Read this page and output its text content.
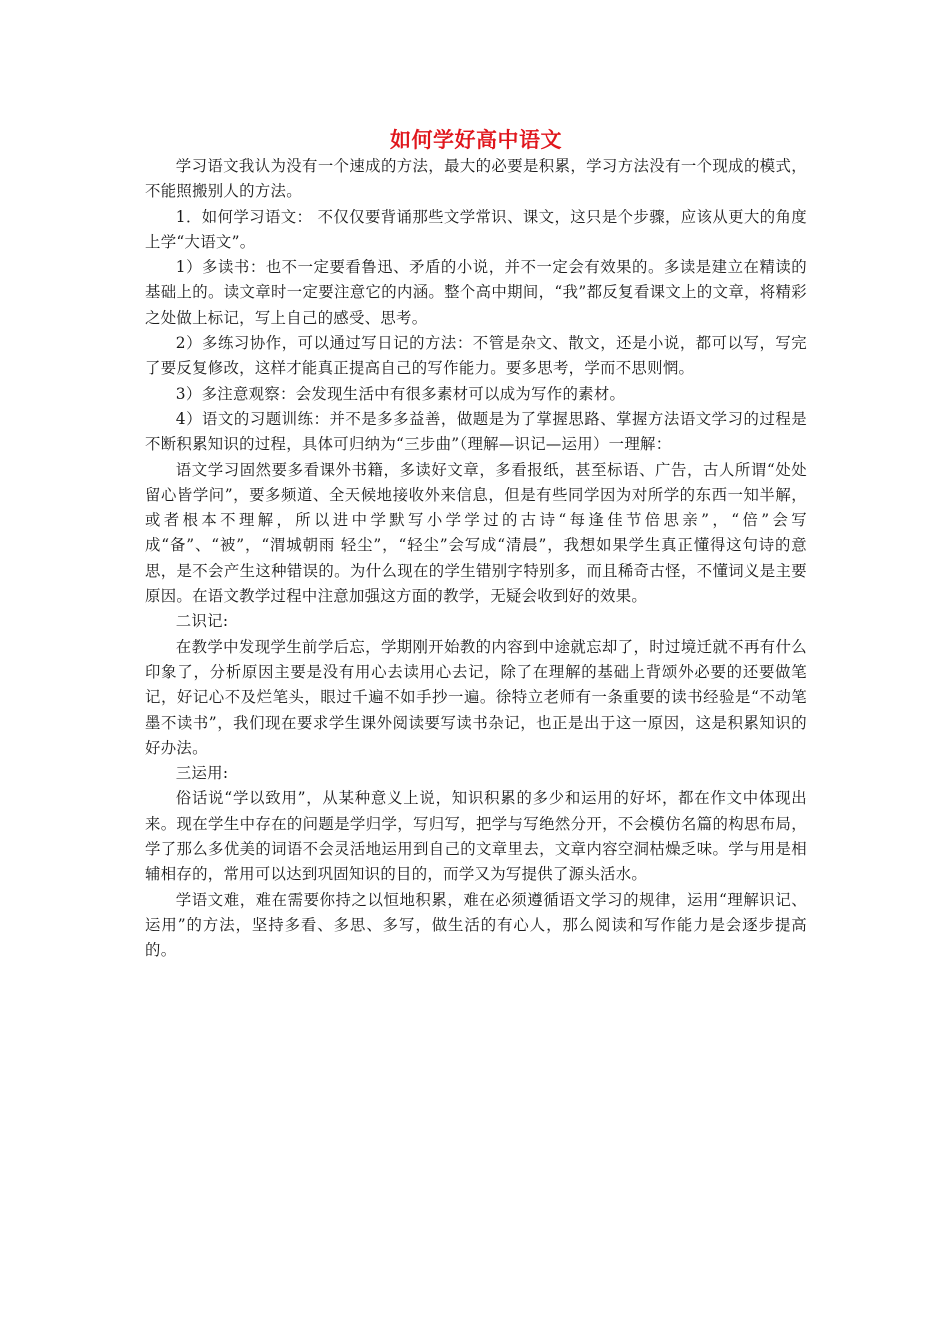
如何学好高中语文

学习语文我认为没有一个速成的方法，最大的必要是积累，学习方法没有一个现成的模式，不能照搬别人的方法。

1．如何学习语文： 不仅仅要背诵那些文学常识、课文，这只是个步骤，应该从更大的角度上学“大语文”。

1）多读书：也不一定要看鲁迅、矛盾的小说，并不一定会有效果的。多读是建立在精读的基础上的。读文章时一定要注意它的内涵。整个高中期间，“我”都反复看课文上的文章，将精彩之处做上标记，写上自己的感受、思考。

2）多练习协作，可以通过写日记的方法：不管是杂文、散文，还是小说，都可以写，写完了要反复修改，这样才能真正提高自己的写作能力。要多思考，学而不思则惘。

3）多注意观察：会发现生活中有很多素材可以成为写作的素材。

4）语文的习题训练：并不是多多益善，做题是为了掌握思路、掌握方法语文学习的过程是不断积累知识的过程，具体可归纳为“三步曲”（理解—识记—运用）一理解：

语文学习固然要多看课外书籍，多读好文章，多看报纸，甚至标语、广告，古人所谓“处处留心皆学问”，要多频道、全天候地接收外来信息，但是有些同学因为对所学的东西一知半解，或者根本不理解，所以进中学默写小学学过的古诗“每逢佳节倍思亲”，“倍”会写成“备”、“被”，“渭城朝雨 轻尘”，“轻尘”会写成“清晨”，我想如果学生真正懂得这句诗的意思，是不会产生这种错误的。为什么现在的学生错别字特别多，而且稀奇古怪，不懂词义是主要原因。在语文教学过程中注意加强这方面的教学，无疑会收到好的效果。

二识记:

在教学中发现学生前学后忘，学期刚开始教的内容到中途就忘却了，时过境迁就不再有什么印象了，分析原因主要是没有用心去读用心去记，除了在理解的基础上背颂外必要的还要做笔记，好记心不及烂笔头，眼过千遍不如手抄一遍。徐特立老师有一条重要的读书经验是“不动笔墨不读书”，我们现在要求学生课外阅读要写读书杂记，也正是出于这一原因，这是积累知识的好办法。

三运用:

俗话说“学以致用”，从某种意义上说，知识积累的多少和运用的好坏，都在作文中体现出来。现在学生中存在的问题是学归学，写归写，把学与写绝然分开，不会模仿名篇的构思布局，学了那么多优美的词语不会灵活地运用到自己的文章里去，文章内容空洞枯燥乏味。学与用是相辅相存的，常用可以达到巩固知识的目的，而学又为写提供了源头活水。

学语文难，难在需要你持之以恒地积累，难在必须遵循语文学习的规律，运用“理解识记、运用”的方法，坚持多看、多思、多写，做生活的有心人，那么阅读和写作能力是会逐步提高的。
